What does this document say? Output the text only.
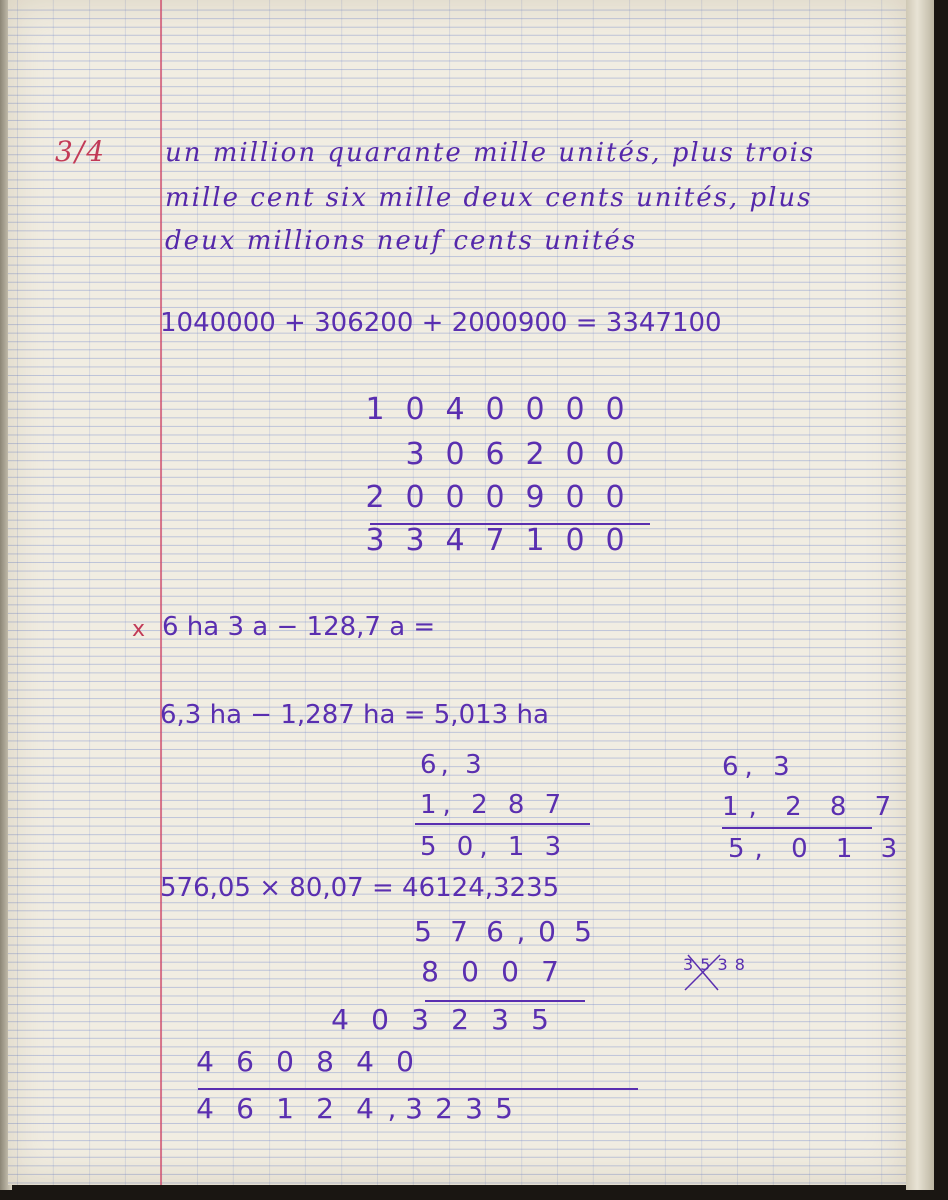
3/4 un million quarante mille unités, plus trois
mille cent six mille deux cents unités, plus
deux millions neuf cents unités
1040000 + 306200 + 2000900 = 3347100
1 0 4 0 0 0 0
3 0 6 2 0 0
2 0 0 0 9 0 0
3 3 4 7 1 0 0
x 6 ha 3 a − 128,7 a =
6,3 ha − 1,287 ha = 5,013 ha
6, 3
1, 2 8 7
5 0, 1 3
6, 3
1, 2 8 7
5, 0 1 3
576,05 × 80,07 = 46124,3235
5 7 6 , 0 5
8 0 0 7
4 0 3 2 3 5
4 6 0 8 4 0
4 6 1 2 4 , 3 2 3 5
3 5 3 8
